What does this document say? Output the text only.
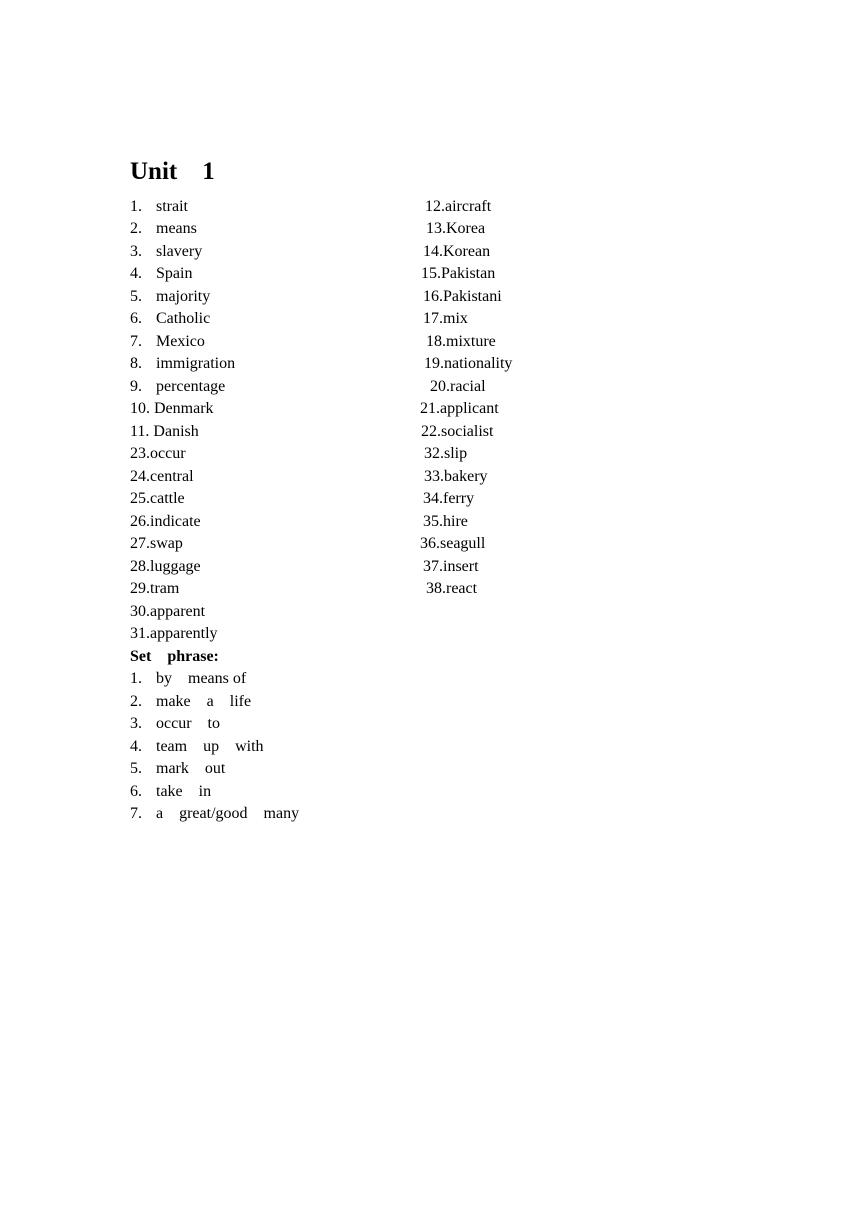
Unit    1
1. strait
2. means
3. slavery
4. Spain
5. majority
6. Catholic
7. Mexico
8. immigration
9. percentage
10. Denmark
11. Danish
23.occur
24.central
25.cattle
26.indicate
27.swap
28.luggage
29.tram
30.apparent
31.apparently
12.aircraft
13.Korea
14.Korean
15.Pakistan
16.Pakistani
17.mix
18.mixture
19.nationality
20.racial
21.applicant
22.socialist
32.slip
33.bakery
34.ferry
35.hire
36.seagull
37.insert
38.react
Set    phrase:
1. by    means of
2. make    a    life
3. occur    to
4. team    up    with
5. mark    out
6. take    in
7. a    great/good    many
